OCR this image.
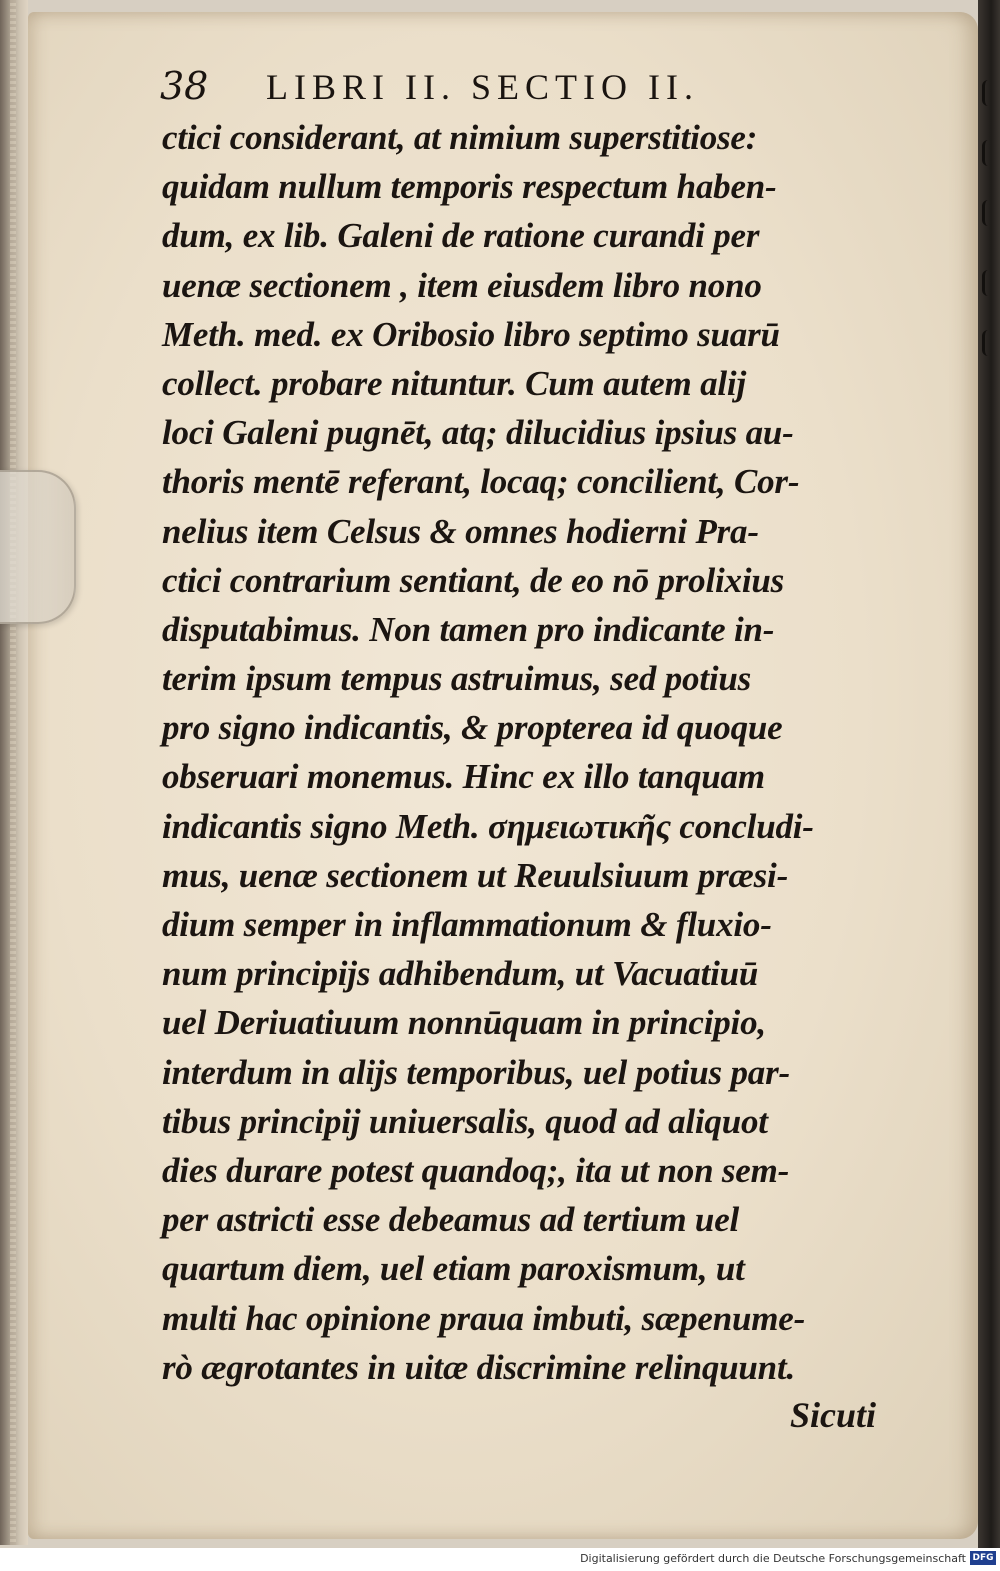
38 LIBRI II. SECTIO II.
ctici considerant, at nimium superstitiose:
quidam nullum temporis respectum haben-
dum, ex lib. Galeni de ratione curandi per
uenæ sectionem , item eiusdem libro nono
Meth. med. ex Oribosio libro septimo suarū
collect. probare nituntur. Cum autem alij
loci Galeni pugnēt, atq; dilucidius ipsius au-
thoris mentē referant, locaq; concilient, Cor-
nelius item Celsus & omnes hodierni Pra-
ctici contrarium sentiant, de eo nō prolixius
disputabimus. Non tamen pro indicante in-
terim ipsum tempus astruimus, sed potius
pro signo indicantis, & propterea id quoque
obseruari monemus. Hinc ex illo tanquam
indicantis signo Meth. σημειωτικῆς concludi-
mus, uenæ sectionem ut Reuulsiuum præsi-
dium semper in inflammationum & fluxio-
num principijs adhibendum, ut Vacuatiuū
uel Deriuatiuum nonnūquam in principio,
interdum in alijs temporibus, uel potius par-
tibus principij uniuersalis, quod ad aliquot
dies durare potest quandoq;, ita ut non sem-
per astricti esse debeamus ad tertium uel
quartum diem, uel etiam paroxismum, ut
multi hac opinione praua imbuti, sæpenume-
rò ægrotantes in uitæ discrimine relinquunt.
Sicuti
Digitalisierung gefördert durch die Deutsche Forschungsgemeinschaft DFG
